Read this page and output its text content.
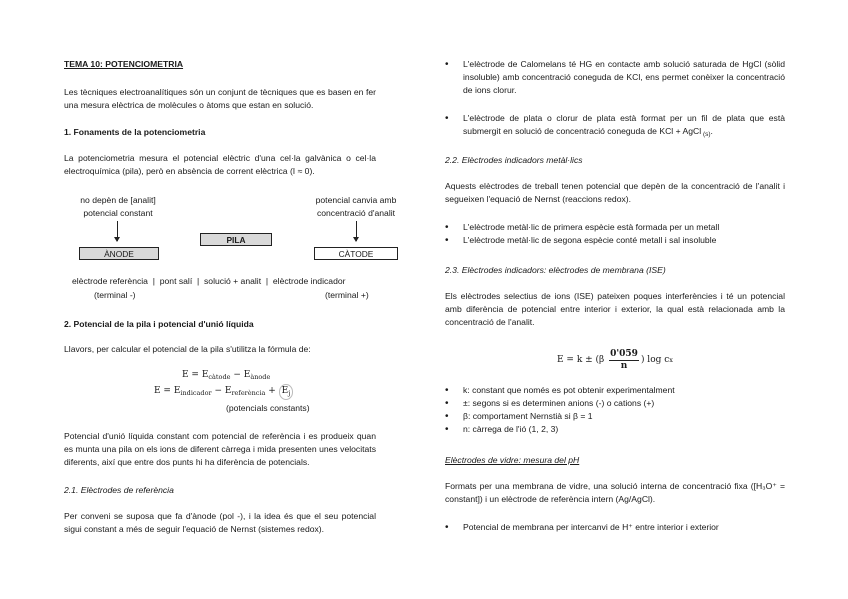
TEMA 10: POTENCIOMETRIA

Les tècniques electroanalítiques són un conjunt de tècniques que es basen en fer una mesura elèctrica de molècules o àtoms que estan en solució.

1. Fonaments de la potenciometria

La potenciometria mesura el potencial elèctric d'una cel·la galvànica o cel·la electroquímica (pila), però en absència de corrent elèctrica (I ≈ 0).

no depèn de [analit]
potencial constant
potencial canvia amb
concentració d'analit
ÀNODE
PILA
CÀTODE
elèctrode referència  |  pont salí  |  solució + analit  |  elèctrode indicador
(terminal -)	(terminal +)
2. Potencial de la pila i potencial d'unió líquida

Llavors, per calcular el potencial de la pila s'utilitza la fórmula de:

$E = E_{càtode} - E_{ànode}$
$E = E_{indicador} - E_{referència} + E_j$
(potencials constants)

Potencial d'unió líquida constant com potencial de referència i es produeix quan es munta una pila on els ions de diferent càrrega i mida presenten unes velocitats diferents, així que entre dos punts hi ha diferència de potencials.

2.1. Elèctrodes de referència

Per conveni se suposa que fa d'ànode (pol -), i la idea és que el seu potencial sigui constant a més de seguir l'equació de Nernst (sistemes redox).

• L'elèctrode de Calomelans té HG en contacte amb solució saturada de HgCl (sòlid insoluble) amb concentració coneguda de KCl, ens permet conèixer la concentració de ions clorur.
• L'elèctrode de plata o clorur de plata està format per un fil de plata que està submergit en solució de concentració coneguda de KCl + AgCl $_{(s)}$.
2.2. Elèctrodes indicadors metàl·lics

Aquests elèctrodes de treball tenen potencial que depèn de la concentració de l'analit i segueixen l'equació de Nernst (reaccions redox).

• L'elèctrode metàl·lic de primera espècie està formada per un metall
• L'elèctrode metàl·lic de segona espècie conté metall i sal insoluble
2.3. Elèctrodes indicadors: elèctrodes de membrana (ISE)

Els elèctrodes selectius de ions (ISE) pateixen poques interferències i té un potencial amb diferència de potencial entre interior i exterior, la qual està relacionada amb la concentració de l'analit.

$E = k \pm (\beta \frac{0'059}{n}$ ) log c x
• k: constant que només es pot obtenir experimentalment
• ±: segons si es determinen anions (-) o cations (+)
• β: comportament Nernstià si β = 1
• n: càrrega de l'ió (1, 2, 3)
Elèctrodes de vidre: mesura del pH

Formats per una membrana de vidre, una solució interna de concentració fixa ([H₃O⁺ = constant]) i un elèctrode de referència intern (Ag/AgCl).

• Potencial de membrana per intercanvi de H⁺ entre interior i exterior
